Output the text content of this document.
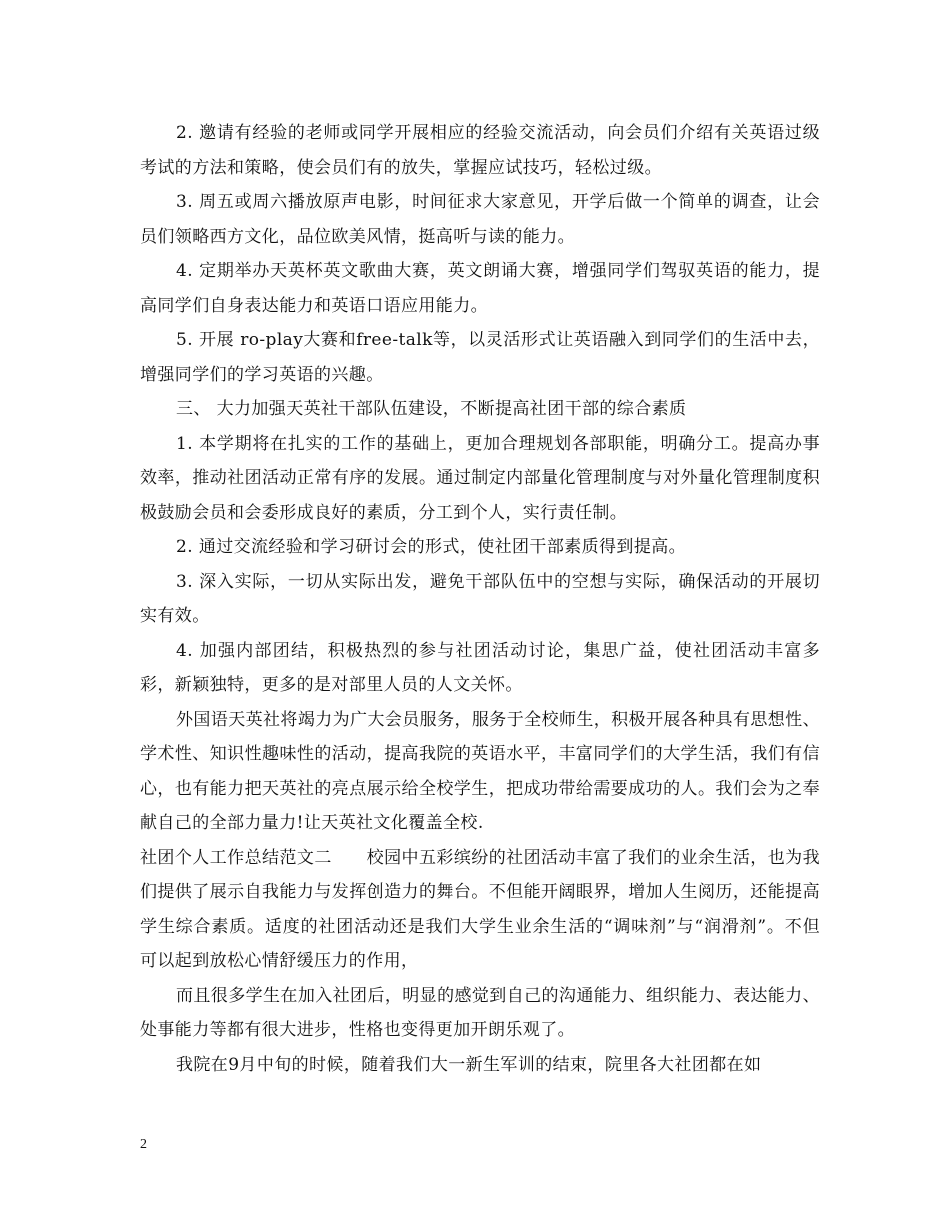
2. 邀请有经验的老师或同学开展相应的经验交流活动，向会员们介绍有关英语过级考试的方法和策略，使会员们有的放失，掌握应试技巧，轻松过级。

3. 周五或周六播放原声电影，时间征求大家意见，开学后做一个简单的调查，让会员们领略西方文化，品位欧美风情，挺高听与读的能力。

4. 定期举办天英杯英文歌曲大赛，英文朗诵大赛，增强同学们驾驭英语的能力，提高同学们自身表达能力和英语口语应用能力。

5. 开展 ro-play大赛和free-talk等，以灵活形式让英语融入到同学们的生活中去，增强同学们的学习英语的兴趣。

三、 大力加强天英社干部队伍建设，不断提高社团干部的综合素质

1. 本学期将在扎实的工作的基础上，更加合理规划各部职能，明确分工。提高办事效率，推动社团活动正常有序的发展。通过制定内部量化管理制度与对外量化管理制度积极鼓励会员和会委形成良好的素质，分工到个人，实行责任制。

2. 通过交流经验和学习研讨会的形式，使社团干部素质得到提高。

3. 深入实际，一切从实际出发，避免干部队伍中的空想与实际，确保活动的开展切实有效。

4. 加强内部团结，积极热烈的参与社团活动讨论，集思广益，使社团活动丰富多彩，新颖独特，更多的是对部里人员的人文关怀。

外国语天英社将竭力为广大会员服务，服务于全校师生，积极开展各种具有思想性、学术性、知识性趣味性的活动，提高我院的英语水平，丰富同学们的大学生活，我们有信心，也有能力把天英社的亮点展示给全校学生，把成功带给需要成功的人。我们会为之奉献自己的全部力量力!让天英社文化覆盖全校.

社团个人工作总结范文二　　校园中五彩缤纷的社团活动丰富了我们的业余生活，也为我们提供了展示自我能力与发挥创造力的舞台。不但能开阔眼界，增加人生阅历，还能提高学生综合素质。适度的社团活动还是我们大学生业余生活的“调味剂”与“润滑剂”。不但可以起到放松心情舒缓压力的作用，

而且很多学生在加入社团后，明显的感觉到自己的沟通能力、组织能力、表达能力、处事能力等都有很大进步，性格也变得更加开朗乐观了。

我院在9月中旬的时候，随着我们大一新生军训的结束，院里各大社团都在如

2
